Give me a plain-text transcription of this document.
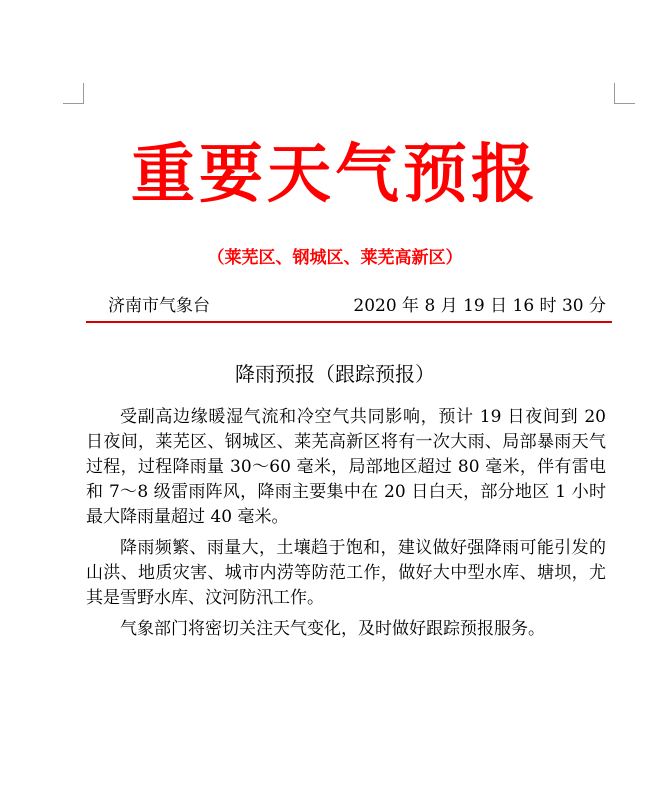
重要天气预报
（莱芜区、钢城区、莱芜高新区）
济南市气象台	2020 年 8 月 19 日 16 时 30 分
降雨预报（跟踪预报）

受副高边缘暖湿气流和冷空气共同影响，预计 19 日夜间到 20 日夜间，莱芜区、钢城区、莱芜高新区将有一次大雨、局部暴雨天气过程，过程降雨量 30～60 毫米，局部地区超过 80 毫米，伴有雷电和 7～8 级雷雨阵风，降雨主要集中在 20 日白天，部分地区 1 小时最大降雨量超过 40 毫米。

降雨频繁、雨量大，土壤趋于饱和，建议做好强降雨可能引发的山洪、地质灾害、城市内涝等防范工作，做好大中型水库、塘坝，尤其是雪野水库、汶河防汛工作。

气象部门将密切关注天气变化，及时做好跟踪预报服务。
